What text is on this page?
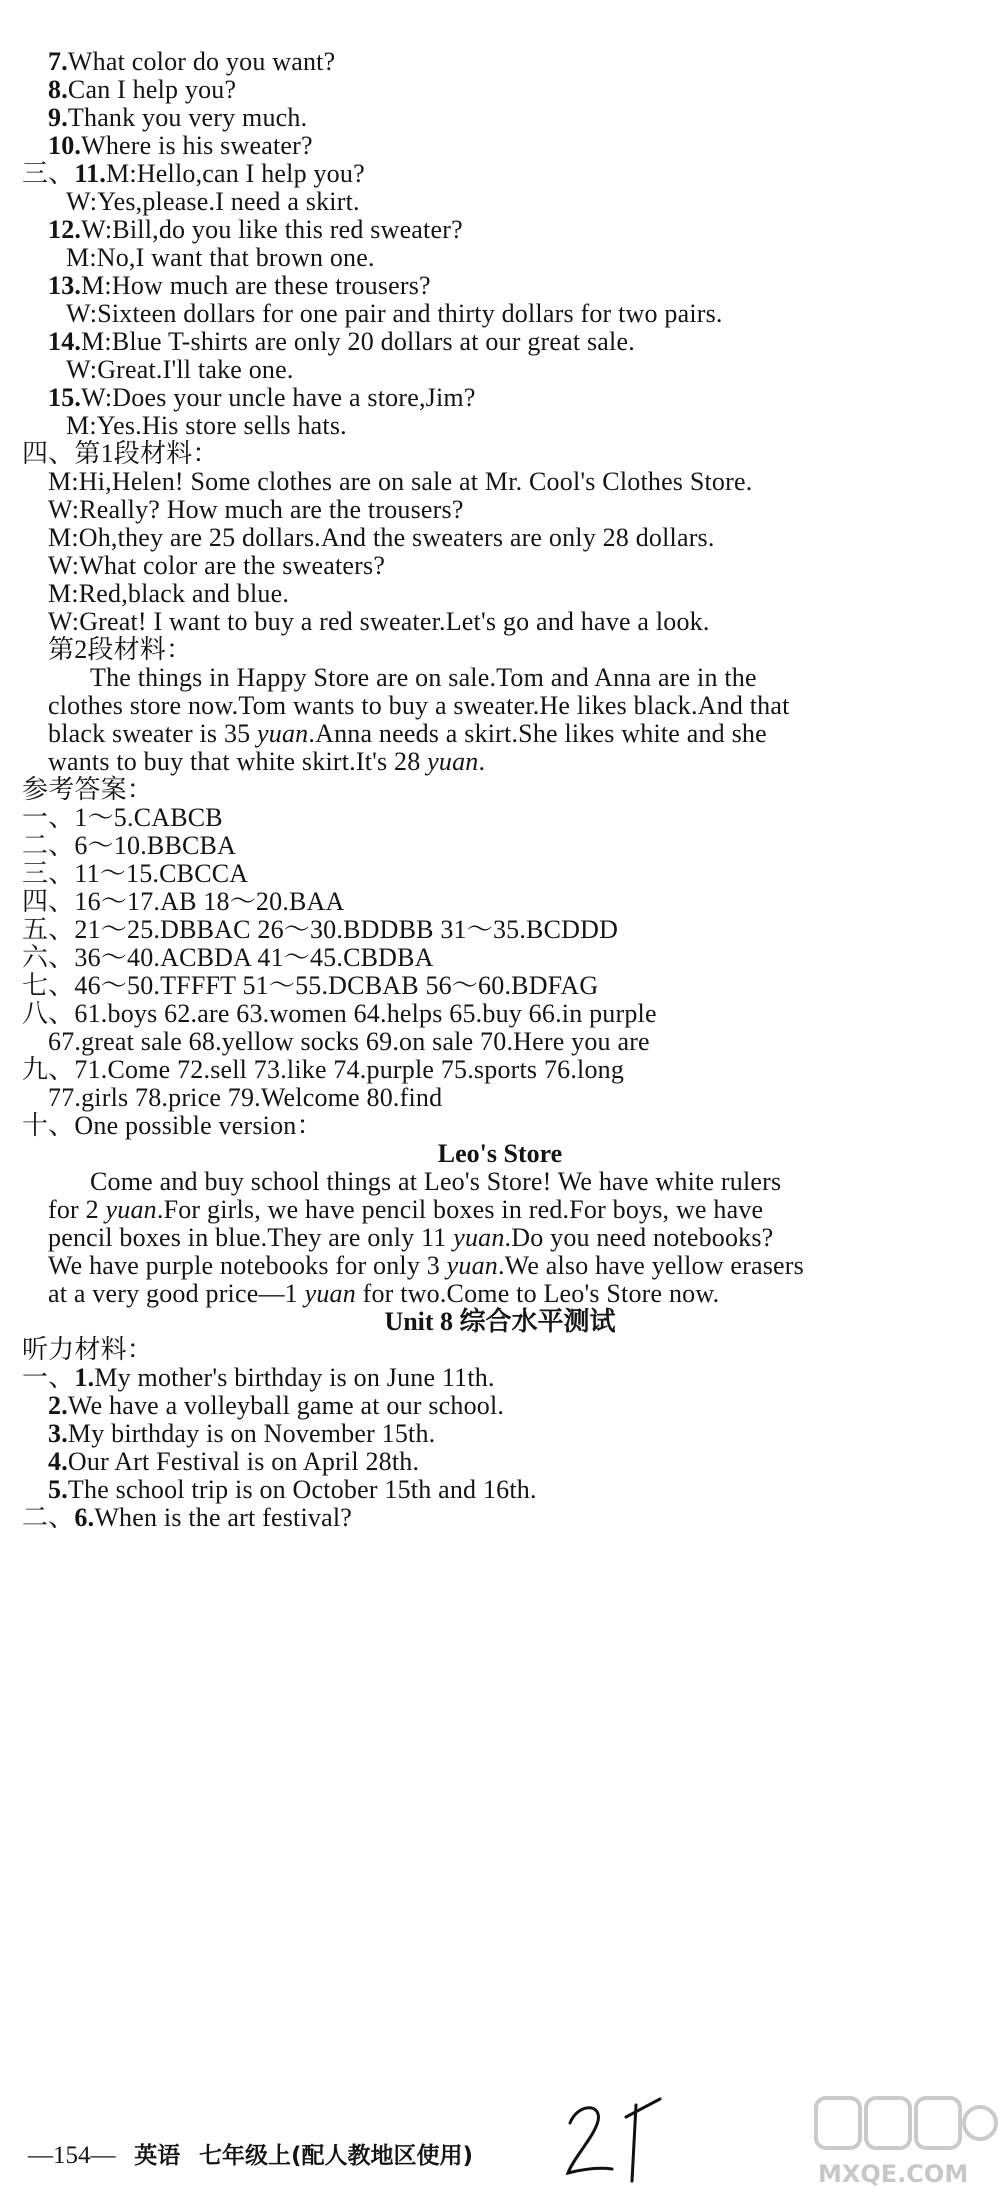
7.What color do you want?
8.Can I help you?
9.Thank you very much.
10.Where is his sweater?
三、11.M:Hello,can I help you?
W:Yes,please.I need a skirt.
12.W:Bill,do you like this red sweater?
M:No,I want that brown one.
13.M:How much are these trousers?
W:Sixteen dollars for one pair and thirty dollars for two pairs.
14.M:Blue T-shirts are only 20 dollars at our great sale.
W:Great.I'll take one.
15.W:Does your uncle have a store,Jim?
M:Yes.His store sells hats.
四、第1段材料：
M:Hi,Helen! Some clothes are on sale at Mr. Cool's Clothes Store.
W:Really? How much are the trousers?
M:Oh,they are 25 dollars.And the sweaters are only 28 dollars.
W:What color are the sweaters?
M:Red,black and blue.
W:Great! I want to buy a red sweater.Let's go and have a look.
第2段材料：
The things in Happy Store are on sale.Tom and Anna are in the
clothes store now.Tom wants to buy a sweater.He likes black.And that
black sweater is 35 yuan.Anna needs a skirt.She likes white and she
wants to buy that white skirt.It's 28 yuan.
参考答案：
一、1～5.CABCB
二、6～10.BBCBA
三、11～15.CBCCA
四、16～17.AB 18～20.BAA
五、21～25.DBBAC 26～30.BDDBB 31～35.BCDDD
六、36～40.ACBDA 41～45.CBDBA
七、46～50.TFFFT 51～55.DCBAB 56～60.BDFAG
八、61.boys 62.are 63.women 64.helps 65.buy 66.in purple
67.great sale 68.yellow socks 69.on sale 70.Here you are
九、71.Come 72.sell 73.like 74.purple 75.sports 76.long
77.girls 78.price 79.Welcome 80.find
十、One possible version：
Leo's Store
Come and buy school things at Leo's Store! We have white rulers
for 2 yuan.For girls, we have pencil boxes in red.For boys, we have
pencil boxes in blue.They are only 11 yuan.Do you need notebooks?
We have purple notebooks for only 3 yuan.We also have yellow erasers
at a very good price—1 yuan for two.Come to Leo's Store now.
Unit 8 综合水平测试
听力材料：
一、1.My mother's birthday is on June 11th.
2.We have a volleyball game at our school.
3.My birthday is on November 15th.
4.Our Art Festival is on April 28th.
5.The school trip is on October 15th and 16th.
二、6.When is the art festival?
—154— 英语 七年级上(配人教地区使用)
MXQE.COM
